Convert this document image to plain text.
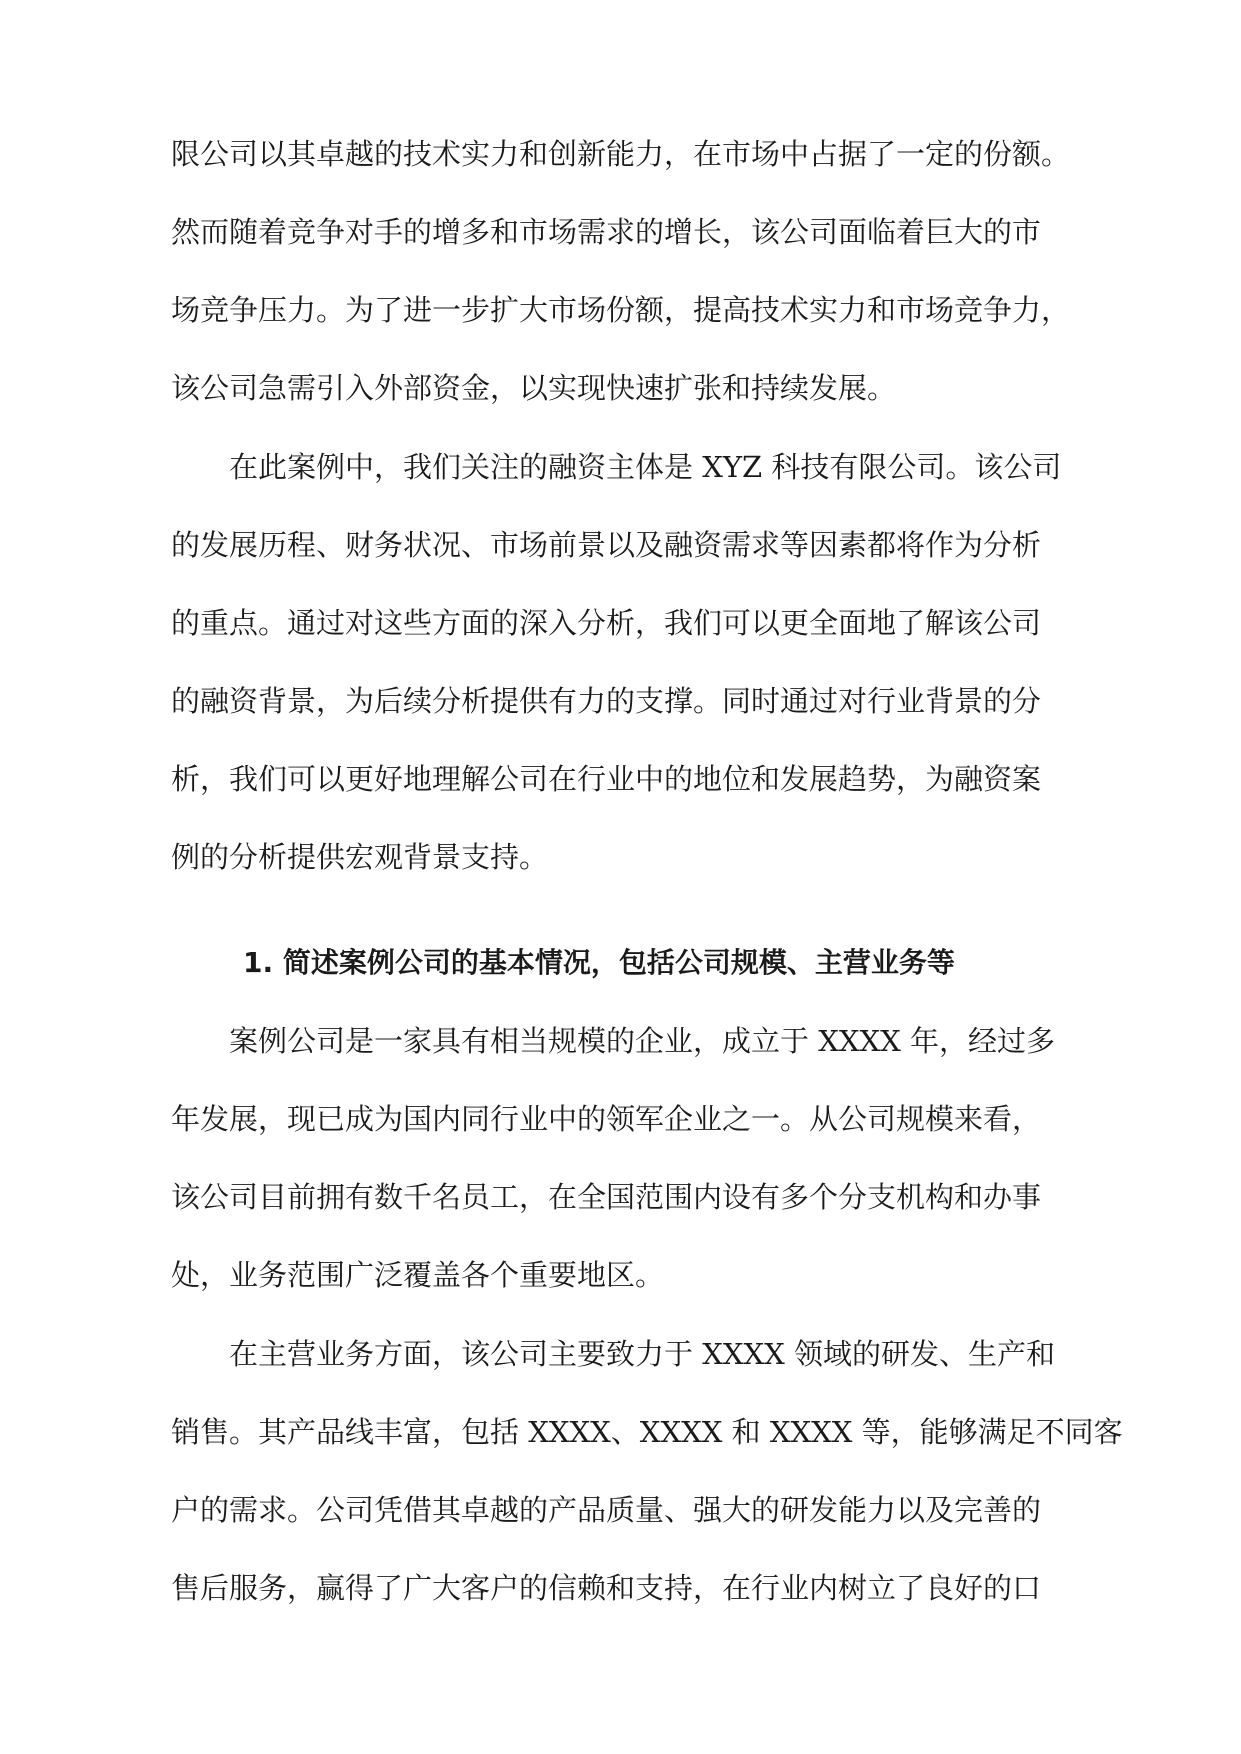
限公司以其卓越的技术实力和创新能力，在市场中占据了一定的份额。
然而随着竞争对手的增多和市场需求的增长，该公司面临着巨大的市
场竞争压力。为了进一步扩大市场份额，提高技术实力和市场竞争力，
该公司急需引入外部资金，以实现快速扩张和持续发展。
在此案例中，我们关注的融资主体是 XYZ 科技有限公司。该公司
的发展历程、财务状况、市场前景以及融资需求等因素都将作为分析
的重点。通过对这些方面的深入分析，我们可以更全面地了解该公司
的融资背景，为后续分析提供有力的支撑。同时通过对行业背景的分
析，我们可以更好地理解公司在行业中的地位和发展趋势，为融资案
例的分析提供宏观背景支持。
1. 简述案例公司的基本情况，包括公司规模、主营业务等
案例公司是一家具有相当规模的企业，成立于 XXXX 年，经过多
年发展，现已成为国内同行业中的领军企业之一。从公司规模来看，
该公司目前拥有数千名员工，在全国范围内设有多个分支机构和办事
处，业务范围广泛覆盖各个重要地区。
在主营业务方面，该公司主要致力于 XXXX 领域的研发、生产和
销售。其产品线丰富，包括 XXXX、XXXX 和 XXXX 等，能够满足不同客
户的需求。公司凭借其卓越的产品质量、强大的研发能力以及完善的
售后服务，赢得了广大客户的信赖和支持，在行业内树立了良好的口
